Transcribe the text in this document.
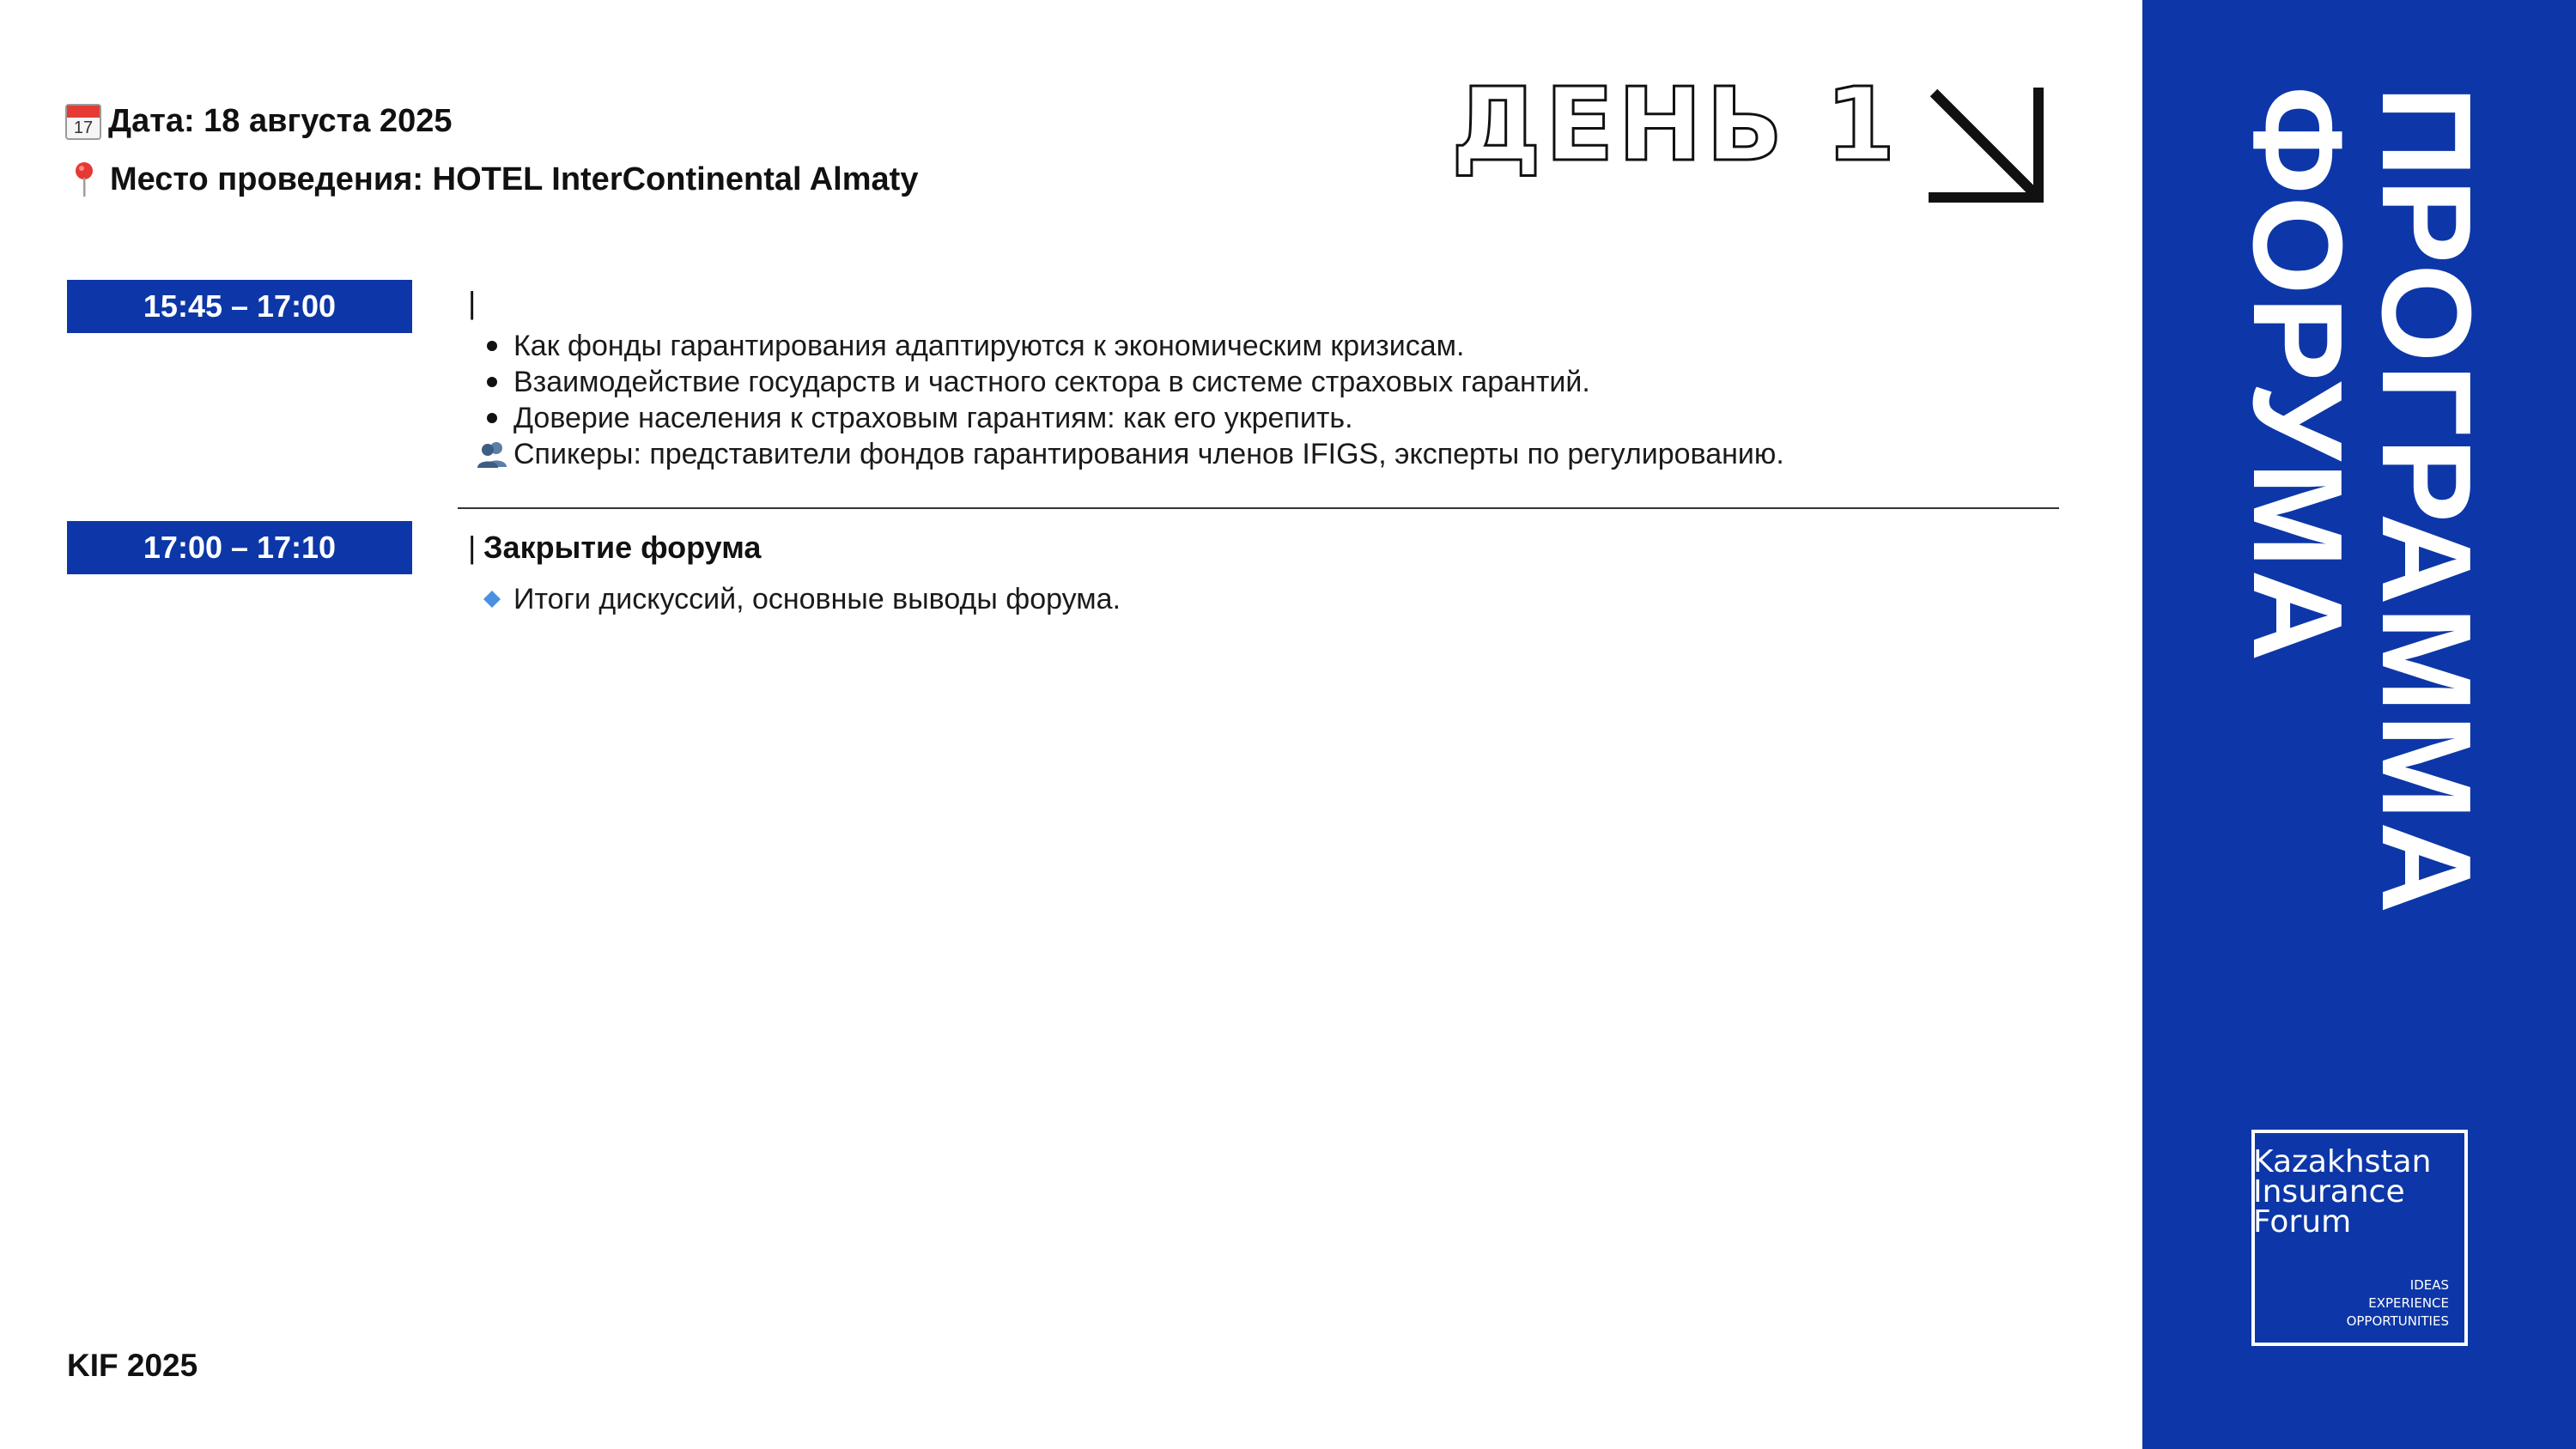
17 Дата: 18 августа 2025
Место проведения: HOTEL InterContinental Almaty	ДЕНЬ 1
15:45 – 17:00	|
Как фонды гарантирования адаптируются к экономическим кризисам.
Взаимодействие государств и частного сектора в системе страховых гарантий.
Доверие населения к страховым гарантиям: как его укрепить.
Спикеры: представители фондов гарантирования членов IFIGS, эксперты по регулированию.
17:00 – 17:10	| Закрытие форума
Итоги дискуссий, основные выводы форума.
KIF 2025
ПРОГРАММА
ФОРУМА
Kazakhstan
Insurance
Forum
IDEAS
EXPERIENCE
OPPORTUNITIES
